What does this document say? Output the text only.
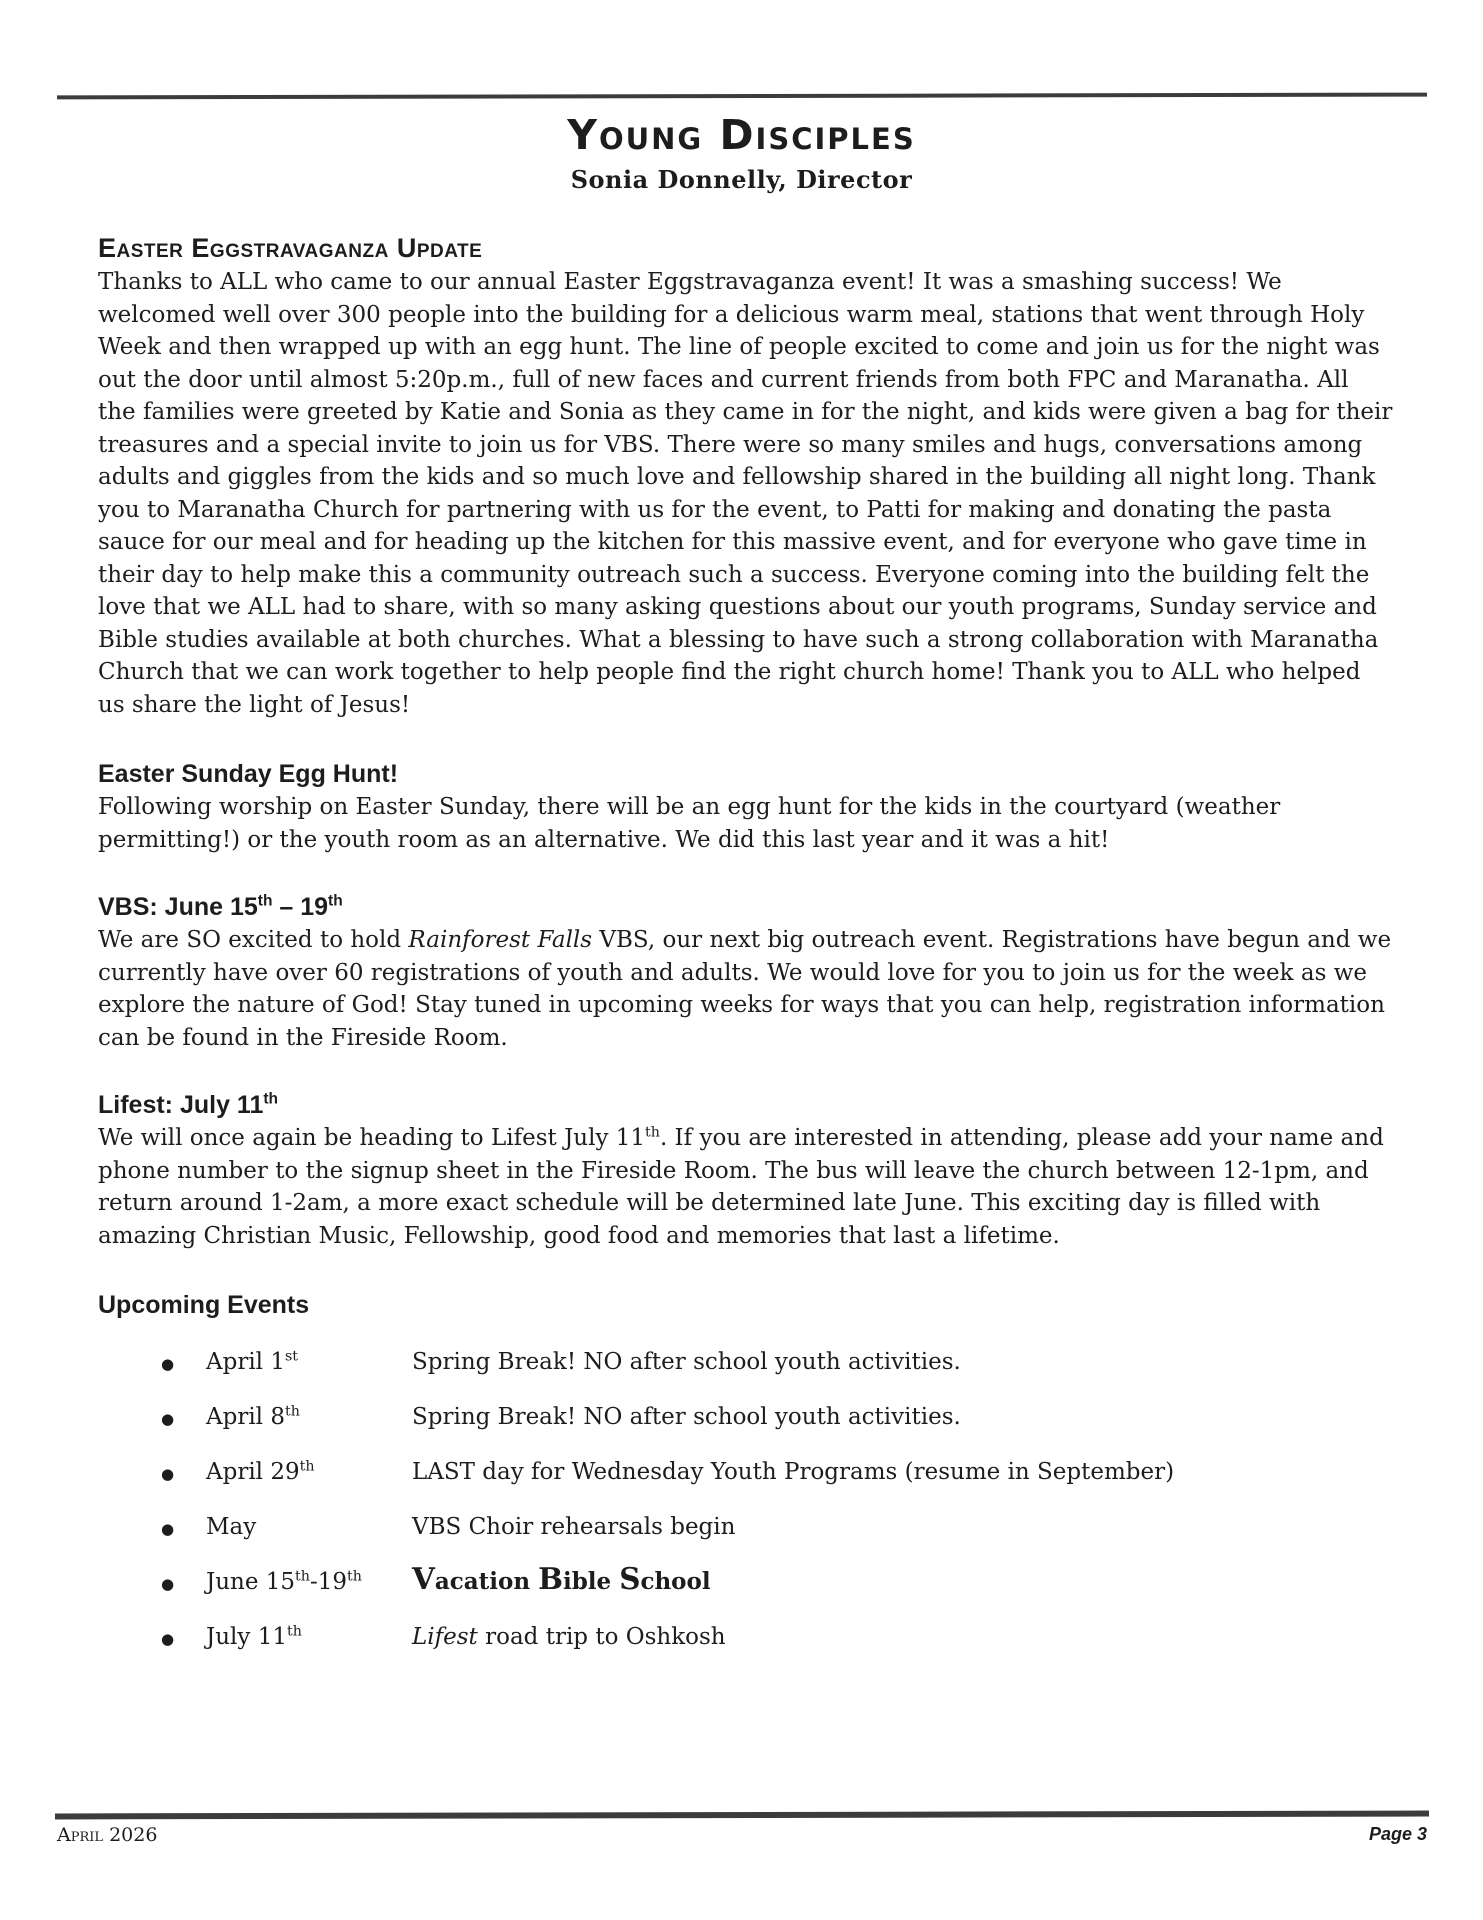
Young Disciples
Sonia Donnelly, Director
Easter Eggstravaganza Update

Thanks to ALL who came to our annual Easter Eggstravaganza event! It was a smashing success! We welcomed well over 300 people into the building for a delicious warm meal, stations that went through Holy Week and then wrapped up with an egg hunt. The line of people excited to come and join us for the night was out the door until almost 5:20p.m., full of new faces and current friends from both FPC and Maranatha. All the families were greeted by Katie and Sonia as they came in for the night, and kids were given a bag for their treasures and a special invite to join us for VBS. There were so many smiles and hugs, conversations among adults and giggles from the kids and so much love and fellowship shared in the building all night long. Thank you to Maranatha Church for partnering with us for the event, to Patti for making and donating the pasta sauce for our meal and for heading up the kitchen for this massive event, and for everyone who gave time in their day to help make this a community outreach such a success. Everyone coming into the building felt the love that we ALL had to share, with so many asking questions about our youth programs, Sunday service and Bible studies available at both churches. What a blessing to have such a strong collaboration with Maranatha Church that we can work together to help people find the right church home! Thank you to ALL who helped us share the light of Jesus!

Easter Sunday Egg Hunt!

Following worship on Easter Sunday, there will be an egg hunt for the kids in the courtyard (weather permitting!) or the youth room as an alternative. We did this last year and it was a hit!

VBS: June 15th – 19th

We are SO excited to hold Rainforest Falls VBS, our next big outreach event. Registrations have begun and we currently have over 60 registrations of youth and adults. We would love for you to join us for the week as we explore the nature of God! Stay tuned in upcoming weeks for ways that you can help, registration information can be found in the Fireside Room.

Lifest: July 11th

We will once again be heading to Lifest July 11th. If you are interested in attending, please add your name and phone number to the signup sheet in the Fireside Room. The bus will leave the church between 12-1pm, and return around 1-2am, a more exact schedule will be determined late June. This exciting day is filled with amazing Christian Music, Fellowship, good food and memories that last a lifetime.

Upcoming Events
●	April 1st	Spring Break! NO after school youth activities.
●	April 8th	Spring Break! NO after school youth activities.
●	April 29th	LAST day for Wednesday Youth Programs (resume in September)
●	May	VBS Choir rehearsals begin
●	June 15th-19th	Vacation Bible School
●	July 11th	Lifest road trip to Oshkosh
April 2026	Page 3
